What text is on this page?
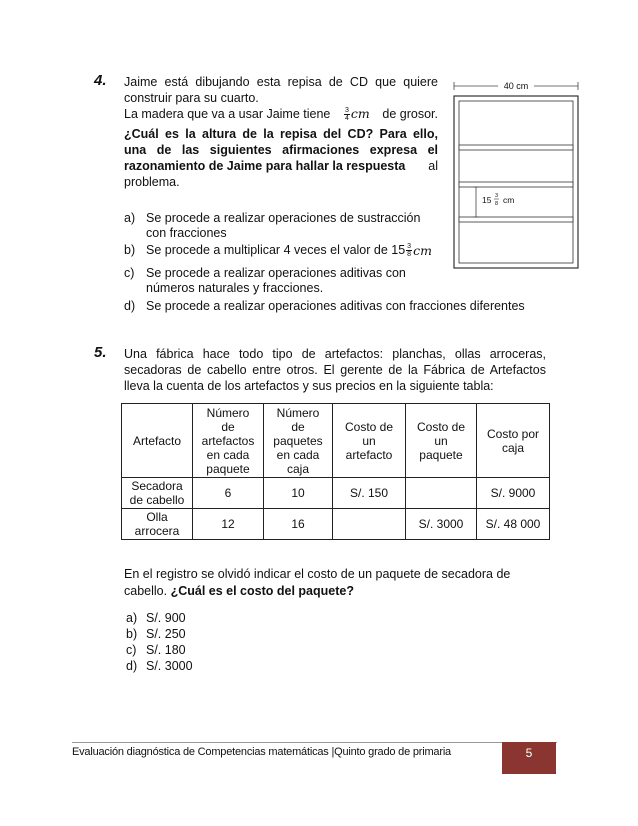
4. Jaime está dibujando esta repisa de CD que quiere
construir para su cuarto.
La madera que va a usar Jaime tiene $\frac{3}{4}$ cm de grosor.
¿Cuál es la altura de la repisa del CD? Para ello,
una de las siguientes afirmaciones expresa el
razonamiento de Jaime para hallar la respuesta al
problema.
a) Se procede a realizar operaciones de sustracción
con fracciones
b) Se procede a multiplicar 4 veces el valor de $15 \frac{3}{8}$ cm
c) Se procede a realizar operaciones aditivas con
números naturales y fracciones.
d) Se procede a realizar operaciones aditivas con fracciones diferentes
40 cm
15 3
8 cm
5. Una fábrica hace todo tipo de artefactos: planchas, ollas arroceras,
secadoras de cabello entre otros. El gerente de la Fábrica de Artefactos
lleva la cuenta de los artefactos y sus precios en la siguiente tabla:
Artefacto	Número
de
artefactos
en cada
paquete	Número
de
paquetes
en cada
caja	Costo de
un
artefacto	Costo de
un
paquete	Costo por
caja
Secadora
de cabello	6	10	S/. 150		S/. 9000
Olla
arrocera	12	16		S/. 3000	S/. 48 000
En el registro se olvidó indicar el costo de un paquete de secadora de
cabello. ¿Cuál es el costo del paquete?
a) S/. 900
b) S/. 250
c) S/. 180
d) S/. 3000
Evaluación diagnóstica de Competencias matemáticas |Quinto grado de primaria	5
